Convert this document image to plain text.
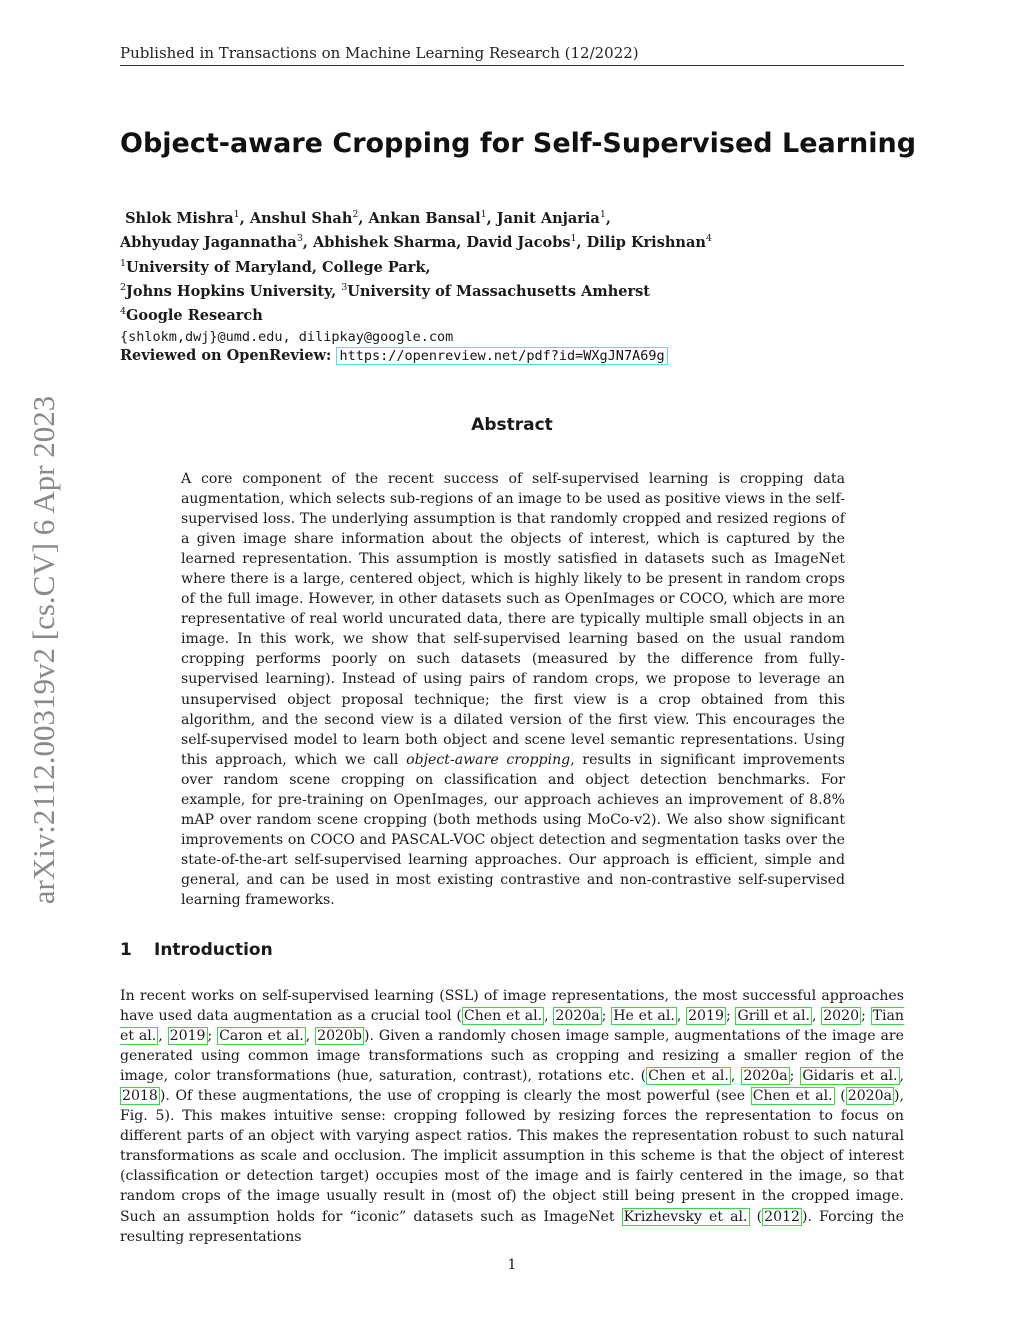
Published in Transactions on Machine Learning Research (12/2022)
arXiv:2112.00319v2 [cs.CV] 6 Apr 2023
Object-aware Cropping for Self-Supervised Learning
Shlok Mishra$^1$, Anshul Shah$^2$, Ankan Bansal$^1$, Janit Anjaria$^1$,
Abhyuday Jagannatha$^3$, Abhishek Sharma, David Jacobs$^1$, Dilip Krishnan$^4$
$^1$University of Maryland, College Park,
$^2$Johns Hopkins University, $^3$University of Massachusetts Amherst
$^4$Google Research
{shlokm,dwj}@umd.edu, dilipkay@google.com
Reviewed on OpenReview: https://openreview.net/pdf?id=WXgJN7A69g
Abstract
A core component of the recent success of self-supervised learning is cropping data augmentation, which selects sub-regions of an image to be used as positive views in the self-supervised loss. The underlying assumption is that randomly cropped and resized regions of a given image share information about the objects of interest, which is captured by the learned representation. This assumption is mostly satisfied in datasets such as ImageNet where there is a large, centered object, which is highly likely to be present in random crops of the full image. However, in other datasets such as OpenImages or COCO, which are more representative of real world uncurated data, there are typically multiple small objects in an image. In this work, we show that self-supervised learning based on the usual random cropping performs poorly on such datasets (measured by the difference from fully-supervised learning). Instead of using pairs of random crops, we propose to leverage an unsupervised object proposal technique; the first view is a crop obtained from this algorithm, and the second view is a dilated version of the first view. This encourages the self-supervised model to learn both object and scene level semantic representations. Using this approach, which we call object-aware cropping, results in significant improvements over random scene cropping on classification and object detection benchmarks. For example, for pre-training on OpenImages, our approach achieves an improvement of 8.8% mAP over random scene cropping (both methods using MoCo-v2). We also show significant improvements on COCO and PASCAL-VOC object detection and segmentation tasks over the state-of-the-art self-supervised learning approaches. Our approach is efficient, simple and general, and can be used in most existing contrastive and non-contrastive self-supervised learning frameworks.
1 Introduction
In recent works on self-supervised learning (SSL) of image representations, the most successful approaches have used data augmentation as a crucial tool ( Chen et al. , 2020a ; He et al. , 2019 ; Grill et al. , 2020 ; Tian et al. , 2019 ; Caron et al. , 2020b ). Given a randomly chosen image sample, augmentations of the image are generated using common image transformations such as cropping and resizing a smaller region of the image, color transformations (hue, saturation, contrast), rotations etc. ( Chen et al. , 2020a ; Gidaris et al. , 2018 ). Of these augmentations, the use of cropping is clearly the most powerful (see Chen et al. ( 2020a ), Fig. 5). This makes intuitive sense: cropping followed by resizing forces the representation to focus on different parts of an object with varying aspect ratios. This makes the representation robust to such natural transformations as scale and occlusion. The implicit assumption in this scheme is that the object of interest (classification or detection target) occupies most of the image and is fairly centered in the image, so that random crops of the image usually result in (most of) the object still being present in the cropped image. Such an assumption holds for “iconic” datasets such as ImageNet Krizhevsky et al. ( 2012 ). Forcing the resulting representations
1
